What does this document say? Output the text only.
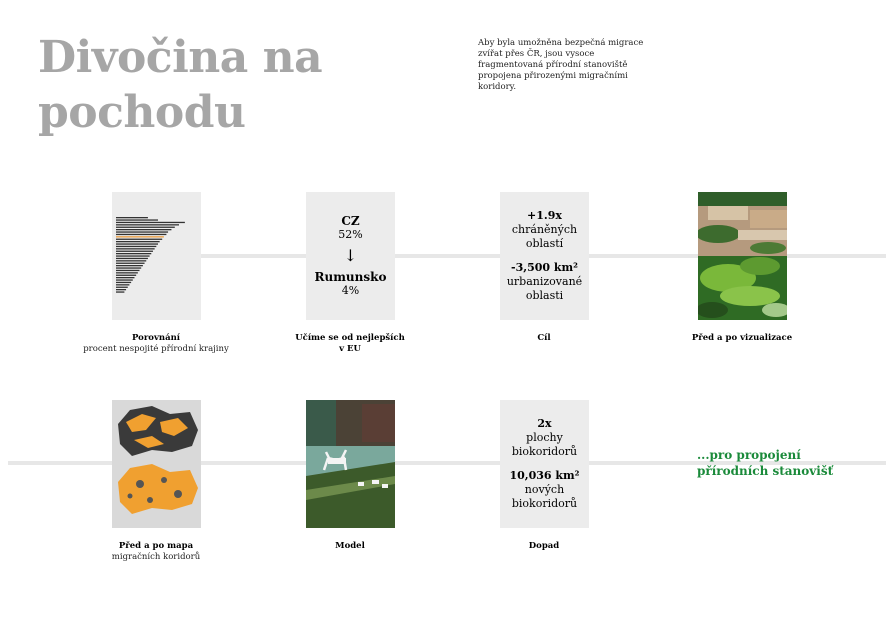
Divočina na pochodu
Aby byla umožněna bezpečná migrace zvířat přes ČR, jsou vysoce fragmentovaná přírodní stanoviště propojena přirozenými migračními koridory.
Porovnání
procent nespojité přírodní krajiny
CZ
52%
↓
Rumunsko
4%
Učíme se od nejlepších v EU
+1.9x
chráněných oblastí
-3,500 km²
urbanizované oblasti
Cíl	Před a po vizualizace
Před a po mapa
migračních koridorů
Model
2x
plochy biokoridorů
10,036 km²
nových biokoridorů
Dopad
...pro propojení přírodních stanovišť
